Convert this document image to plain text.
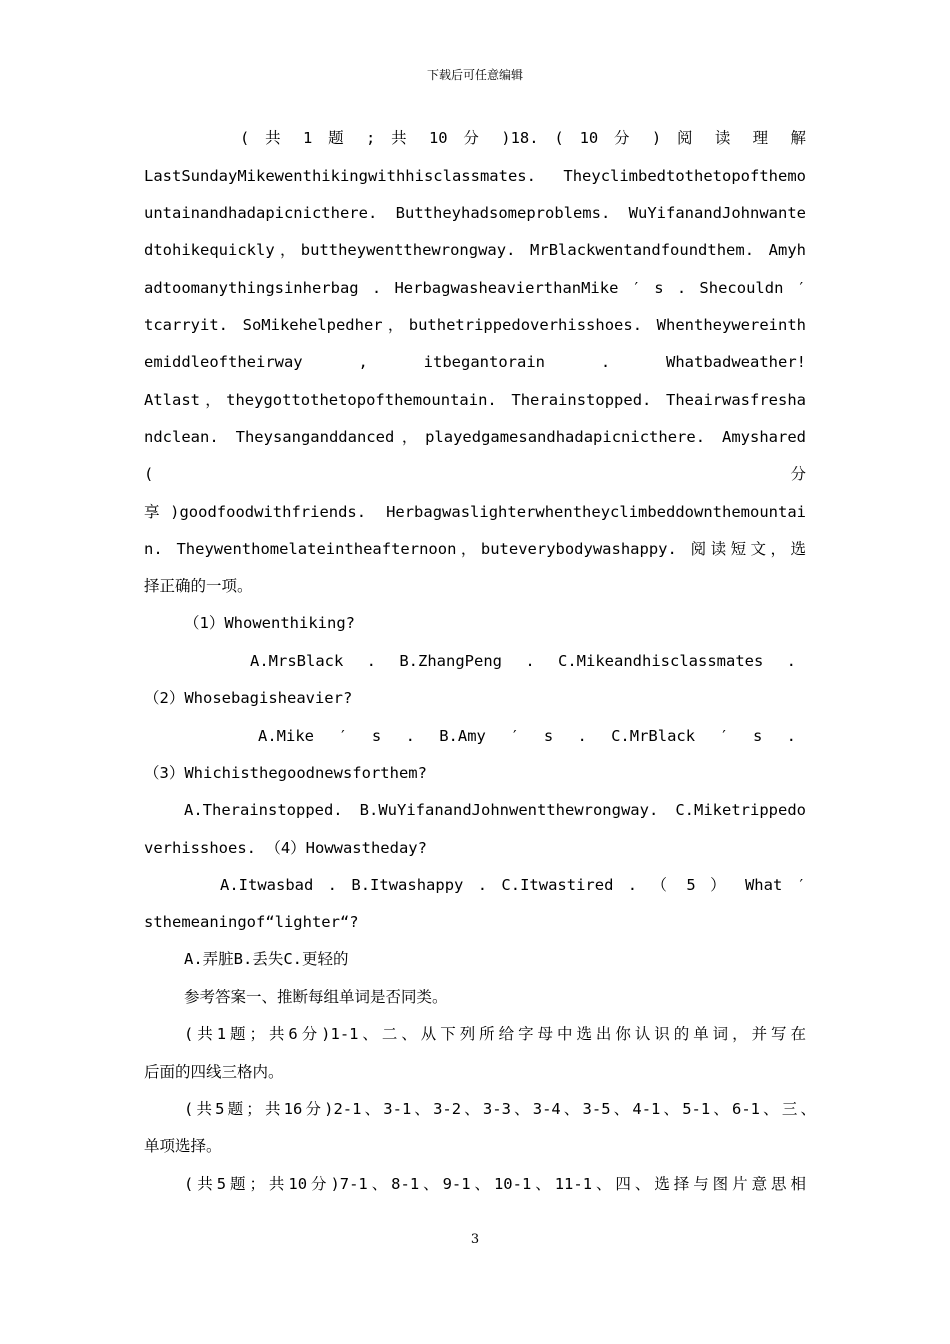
下载后可任意编辑
( 共 1 题 ; 共 10 分 )18. ( 10 分 ) 阅 读 理 解
LastSundayMikewenthikingwithhisclassmates. Theyclimbedtothetopofthemo
untainandhadapicnicthere. Buttheyhadsomeproblems. WuYifanandJohnwante
dtohikequickly，buttheywentthewrongway. MrBlackwentandfoundthem. Amyh
adtoomanythingsinherbag . HerbagwasheavierthanMike ′ s . Shecouldn ′
tcarryit. SoMikehelpedher，buthetrippedoverhisshoes. Whentheywereinth
emiddleoftheirway , itbegantorain . Whatbadweather!
Atlast，theygottothetopofthemountain. Therainstopped. Theairwasfresha
ndclean. Theysanganddanced，playedgamesandhadapicnicthere. Amyshared
( 分
享)goodfoodwithfriends. Herbagwaslighterwhentheyclimbeddownthemountai
n. Theywenthomelateintheafternoon，buteverybodywashappy. 阅读短文，选
择正确的一项。
（1）Whowenthiking?
A.MrsBlack . B.ZhangPeng . C.Mikeandhisclassmates .
（2）Whosebagisheavier?
A.Mike ′ s . B.Amy ′ s . C.MrBlack ′ s .
（3）Whichisthegoodnewsforthem?
A.Therainstopped. B.WuYifanandJohnwentthewrongway. C.Miketrippedo
verhisshoes. （4）Howwastheday?
A.Itwasbad . B.Itwashappy . C.Itwastired . （ 5 ） What ′
sthemeaningof“lighter“?
A.弄脏B.丢失C.更轻的
参考答案一、推断每组单词是否同类。
(共1题；共6分)1-1、二、从下列所给字母中选出你认识的单词，并写在
后面的四线三格内。
(共5题；共16分)2-1、3-1、3-2、3-3、3-4、3-5、4-1、5-1、6-1、三、
单项选择。
(共5题；共10分)7-1、8-1、9-1、10-1、11-1、四、选择与图片意思相
3
